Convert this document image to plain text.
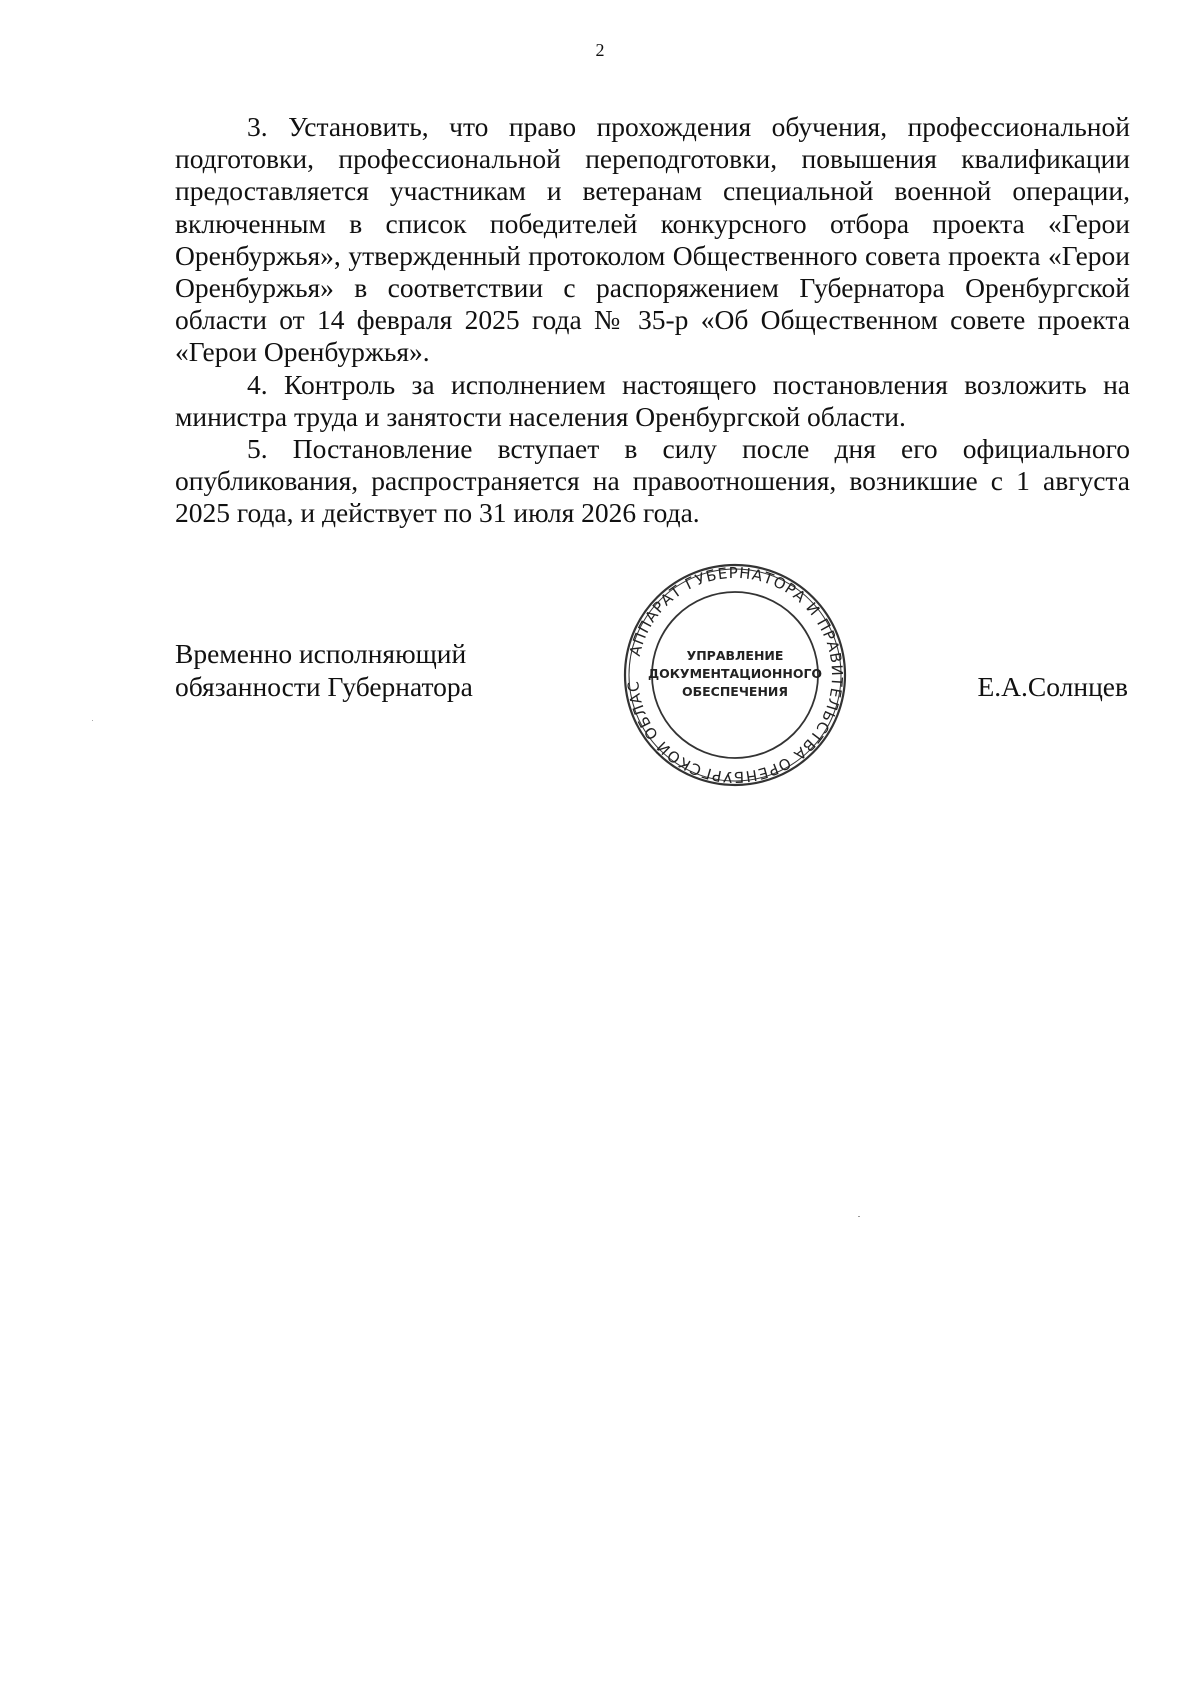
2

3. Установить, что право прохождения обучения, профессиональной подготовки, профессиональной переподготовки, повышения квалификации предоставляется участникам и ветеранам специальной военной операции, включенным в список победителей конкурсного отбора проекта «Герои Оренбуржья», утвержденный протоколом Общественного совета проекта «Герои Оренбуржья» в соответствии с распоряжением Губернатора Оренбургской области от 14 февраля 2025 года № 35-р «Об Общественном совете проекта «Герои Оренбуржья».

4. Контроль за исполнением настоящего постановления возложить на министра труда и занятости населения Оренбургской области.

5. Постановление вступает в силу после дня его официального опубликования, распространяется на правоотношения, возникшие с 1 августа 2025 года, и действует по 31 июля 2026 года.

Временно исполняющий
обязанности Губернатора
АППАРАТ ГУБЕРНАТОРА И ПРАВИТЕЛЬСТВА ОРЕНБУРГСКОЙ ОБЛАС
УПРАВЛЕНИЕ
ДОКУМЕНТАЦИОННОГО
ОБЕСПЕЧЕНИЯ	Е.А.Солнцев
